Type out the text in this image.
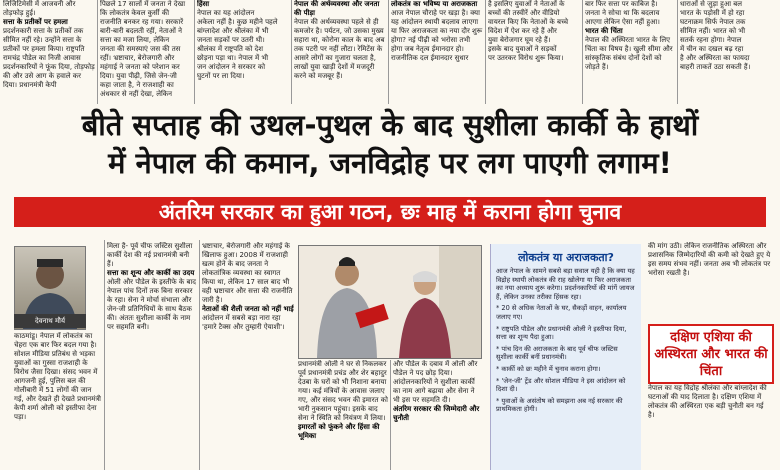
लिजिटिमेसी में आजवनी और

तोड़फोड़ हुई।

सत्ता के प्रतीकों पर हमला

प्रदर्शनकारी सत्ता के प्रतीकों तक सीमित नहीं रहे। उन्होंने सत्ता के प्रतीकों पर हमला किया। राष्ट्रपति रामचंद्र पौडेल का निजी आवास प्रदर्शनकारियों ने फूंक दिया, तोड़फोड़ की और उसे आग के हवाले कर दिया। प्रधानमंत्री केपी

पिछले 17 सालों में जनता ने देखा

कि लोकतंत्र केवल कुर्सी की

राजनीति बनकर रह गया। सरकारें

बारी-बारी बदलती रहीं, नेताओं ने

सत्ता का मजा लिया, लेकिन

जनता की समस्याएं जस की तस

रहीं। भ्रष्टाचार, बेरोजगारी और

महंगाई ने जनता को परेशान कर

दिया। युवा पीढ़ी, जिसे जेन-जी

कहा जाता है, ने राजशाही का

अंधकार से नहीं देखा, लेकिन

हिंसा

नेपाल का यह आंदोलन

अकेला नहीं है। कुछ महीने पहले

बांग्लादेश और श्रीलंका में भी

जनता सड़कों पर उतरी थी।

श्रीलंका में राष्ट्रपति को देश

छोड़ना पड़ा था। नेपाल में भी

जन आंदोलन ने सरकार को

घुटनों पर ला दिया।

नेपाल की अर्थव्यवस्था और जनता की पीड़ा

नेपाल की अर्थव्यवस्था पहले से ही कमजोर है। पर्यटन, जो उसका मुख्य सहारा था, कोरोना काल के बाद अब तक पटरी पर नहीं लौटा। रेमिटेंस के आसरे लोगों का गुजारा चलता है, लाखों युवा खाड़ी देशों में मजदूरी करने को मजबूर हैं।

लोकतंत्र का भविष्य या अराजकता

आज नेपाल चौराहे पर खड़ा है। क्या यह आंदोलन स्थायी बदलाव लाएगा या फिर अराजकता का नया दौर शुरू होगा? नई पीढ़ी को भरोसा तभी होगा जब नेतृत्व ईमानदार हो। राजनीतिक दल ईमानदार सुधार

है इसलिए युवाओं ने नेताओं के

बच्चों की तस्वीरें और वीडियो

वायरल किए कि नेताओं के बच्चे

विदेश में ऐश कर रहे हैं और

युवा बेरोजगार घूम रहे हैं।

इसके बाद युवाओं ने सड़कों

पर उतरकर विरोध शुरू किया।

बार फिर सत्ता पर काबिज है।

जनता ने सोचा था कि बदलाव

आएगा लेकिन ऐसा नहीं हुआ।

भारत की चिंता

नेपाल की अस्थिरता भारत के लिए चिंता का विषय है। खुली सीमा और सांस्कृतिक संबंध दोनों देशों को जोड़ते हैं।

धाराओं से जुड़ा हुआ बल

भारत के पड़ोसी में हो रहा

घटनाक्रम सिर्फ नेपाल तक

सीमित नहीं। भारत को भी

सतर्क रहना होगा। नेपाल

में चीन का दखल बढ़ रहा

है और अस्थिरता का फायदा

बाहरी ताकतें उठा सकती हैं।

बीते सप्ताह की उथल-पुथल के बाद सुशीला कार्की के हाथों
में नेपाल की कमान, जनविद्रोह पर लग पाएगी लगाम!
अंतरिम सरकार का हुआ गठन, छः माह में कराना होगा चुनाव
देवनाथ मौर्य

काठमांडू। नेपाल में लोकतंत्र का चेहरा एक बार फिर बदल गया है। सोशल मीडिया प्रतिबंध से भड़का युवाओं का गुस्सा राजशाही के विरोध जैसा दिखा। संसद भवन में आगजनी हुई, पुलिस बल की गोलीबारी में 51 लोगों की जान गई, और देखते ही देखते प्रधानमंत्री केपी शर्मा ओली को इस्तीफा देना पड़ा।

मिला है- पूर्व चीफ जस्टिस सुशीला कार्की देश की नई प्रधानमंत्री बनी हैं।

सत्ता का शून्य और कार्की का उदय

ओली और पौडेल के इस्तीफे के बाद नेपाल पांच दिनों तक बिना सरकार के रहा। सेना ने मोर्चा संभाला और जेन-जी प्रतिनिधियों के साथ बैठक की। अंततः सुशीला कार्की के नाम पर सहमति बनी।

भ्रष्टाचार, बेरोजगारी और महंगाई के खिलाफ हुआ। 2008 में राजशाही खत्म होने के बाद जनता ने लोकतांत्रिक व्यवस्था का स्वागत किया था, लेकिन 17 साल बाद भी वही भ्रष्टाचार और सत्ता की राजनीति जारी है।

नेताओं की शैली जनता को नहीं भाई

आंदोलन में सबसे बड़ा नारा रहा 'हमारे टैक्स और तुम्हारी ऐयाशी'।

प्रधानमंत्री ओली ने घर से निकलकर पूर्व प्रधानमंत्री प्रचंड और शेर बहादुर देउबा के घरों को भी निशाना बनाया गया। कई मंत्रियों के आवास जलाए गए, और संसद भवन की इमारत को भारी नुकसान पहुंचा। इसके बाद सेना ने स्थिति को नियंत्रण में लिया।

इमारतों को फूंकने और हिंसा की भूमिका

और पौडेल के दबाव में ओली और पौडेल ने पद छोड़ दिया। आंदोलनकारियों ने सुशीला कार्की का नाम आगे बढ़ाया और सेना ने भी इस पर सहमति दी।

अंतरिम सरकार की जिम्मेदारी और चुनौती

लोकतंत्र या अराजकता?

आज नेपाल के सामने सबसे बड़ा सवाल यही है कि क्या यह विद्रोह स्थायी लोकतंत्र की राह खोलेगा या फिर अराजकता का नया अध्याय शुरू करेगा। प्रदर्शनकारियों की मांगें जायज हैं, लेकिन उनका तरीका हिंसक रहा।

* 20 से अधिक नेताओं के घर, सैकड़ों वाहन, कार्यालय जलाए गए।

* राष्ट्रपति पौडेल और प्रधानमंत्री ओली ने इस्तीफा दिया, सत्ता का शून्य पैदा हुआ।

* पांच दिन की अराजकता के बाद पूर्व चीफ जस्टिस सुशीला कार्की बनीं प्रधानमंत्री।

* कार्की को छः महीने में चुनाव कराना होगा।

* 'जेन-जी' ट्रेंड और सोशल मीडिया ने इस आंदोलन को दिशा दी।

* युवाओं के असंतोष को समझना अब नई सरकार की प्राथमिकता होगी।

की मांग उठी। लेकिन राजनीतिक अस्थिरता और प्रशासनिक जिम्मेदारियों की कमी को देखते हुए ये इस समय संभव नहीं। जनता अब भी लोकतंत्र पर भरोसा रखती है।

दक्षिण एशिया की अस्थिरता और भारत की चिंता

नेपाल का यह विद्रोह श्रीलंका और बांग्लादेश की घटनाओं की याद दिलाता है। दक्षिण एशिया में लोकतंत्र की अस्थिरता एक बड़ी चुनौती बन गई है।
